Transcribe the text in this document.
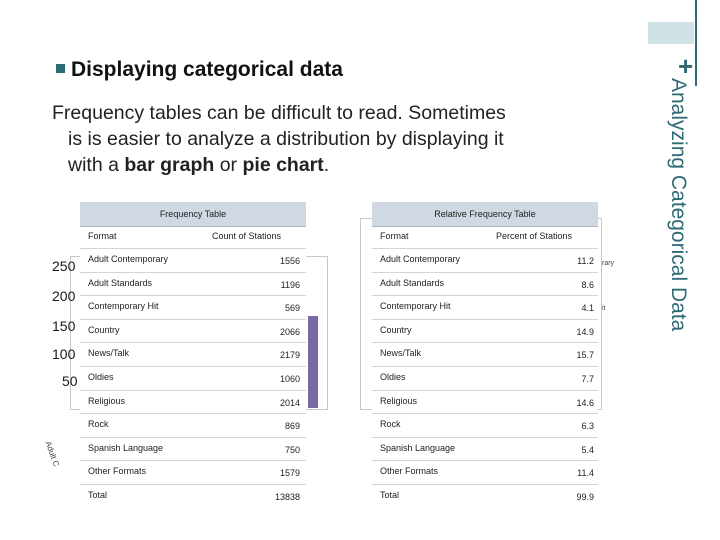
+
Analyzing Categorical Data
Displaying categorical data

Frequency tables can be difficult to read. Sometimes

is is easier to analyze a distribution by displaying it

with a bar graph or pie chart.

250
200
150
100
50
Adult C
Frequency Table
Format	Count of Stations
Adult Contemporary	1556
Adult Standards	1196
Contemporary Hit	569
Country	2066
News/Talk	2179
Oldies	1060
Religious	2014
Rock	869
Spanish Language	750
Other Formats	1579
Total	13838
Relative Frequency Table
Format	Percent of Stations
Adult Contemporary	11.2
Adult Standards	8.6
Contemporary Hit	4.1
Country	14.9
News/Talk	15.7
Oldies	7.7
Religious	14.6
Rock	6.3
Spanish Language	5.4
Other Formats	11.4
Total	99.9
rary
it
